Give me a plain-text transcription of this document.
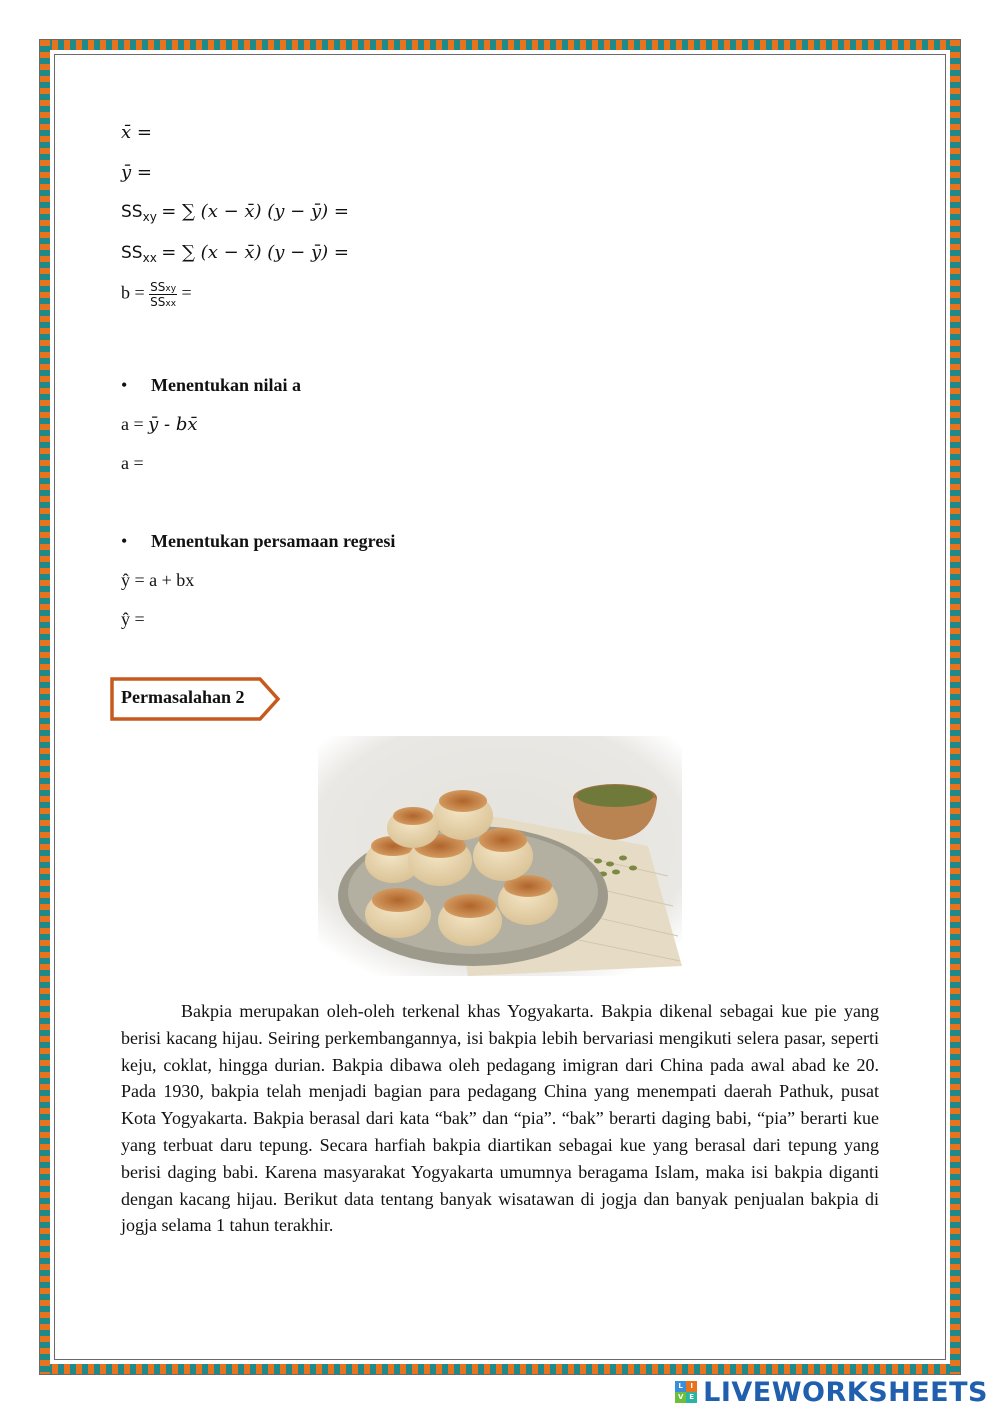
x̄ =
ȳ =
$SS_{xy}$ = ∑ (x − x̄) (y − ȳ) =
$SS_{xx}$ = ∑ (x − x̄) (y − ȳ) =
$b = \frac{\text{SSxy}}{\text{SSxx}}$ =
• Menentukan nilai a
a = ȳ - bx̄
a =
• Menentukan persamaan regresi
ŷ = a + bx
ŷ =
Permasalahan 2
Bakpia merupakan oleh-oleh terkenal khas Yogyakarta. Bakpia dikenal sebagai kue pie yang berisi kacang hijau. Seiring perkembangannya, isi bakpia lebih bervariasi mengikuti selera pasar, seperti keju, coklat, hingga durian. Bakpia dibawa oleh pedagang imigran dari China pada awal abad ke 20. Pada 1930, bakpia telah menjadi bagian para pedagang China yang menempati daerah Pathuk, pusat Kota Yogyakarta. Bakpia berasal dari kata “bak” dan “pia”. “bak” berarti daging babi, “pia” berarti kue yang terbuat daru tepung. Secara harfiah bakpia diartikan sebagai kue yang berasal dari tepung yang berisi daging babi. Karena masyarakat Yogyakarta umumnya beragama Islam, maka isi bakpia diganti dengan kacang hijau. Berikut data tentang banyak wisatawan di jogja dan banyak penjualan bakpia di jogja selama 1 tahun terakhir.
L	I
V E LIVEWORKSHEETS
